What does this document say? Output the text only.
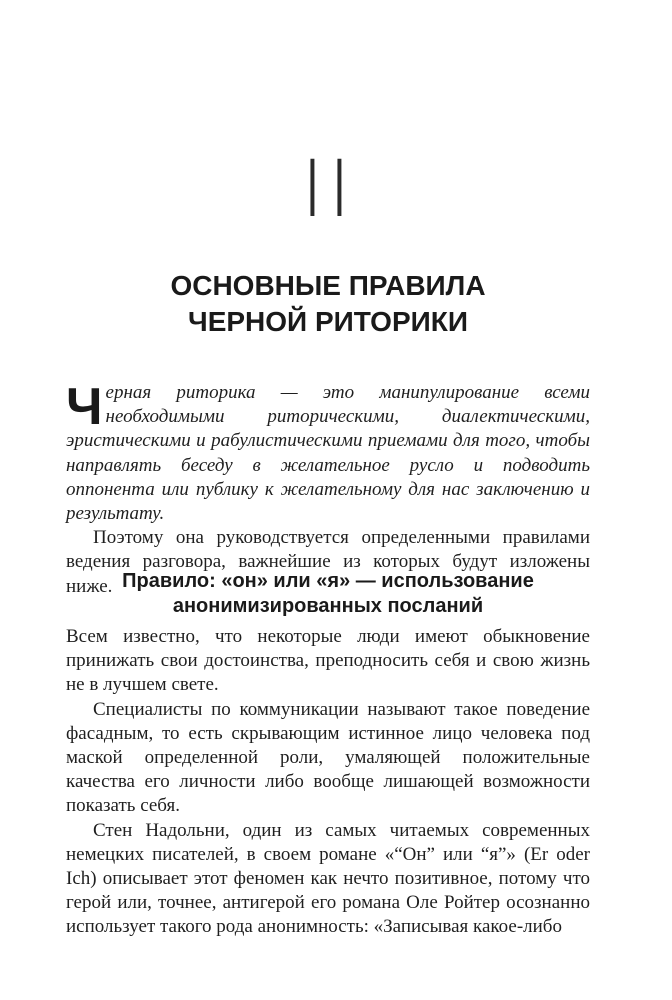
II
ОСНОВНЫЕ ПРАВИЛА
ЧЕРНОЙ РИТОРИКИ

Черная риторика — это манипулирование всеми необходимыми риторическими, диалектическими, эристическими и рабулистическими приемами для того, чтобы направлять беседу в желательное русло и подводить оппонента или публику к желательному для нас заключению и результату.

Поэтому она руководствуется определенными правилами ведения разговора, важнейшие из которых будут изложены ниже. Правило: «он» или «я» — использование
анонимизированных посланий

Всем известно, что некоторые люди имеют обыкновение принижать свои достоинства, преподносить себя и свою жизнь не в лучшем свете.

Специалисты по коммуникации называют такое поведение фасадным, то есть скрывающим истинное лицо человека под маской определенной роли, умаляющей положительные качества его личности либо вообще лишающей возможности показать себя.

Стен Надольни, один из самых читаемых современных немецких писателей, в своем романе «“Он” или “я”» (Er oder Ich) описывает этот феномен как нечто позитивное, потому что герой или, точнее, антигерой его романа Оле Ройтер осознанно использует такого рода анонимность: «Записывая какое-либо
